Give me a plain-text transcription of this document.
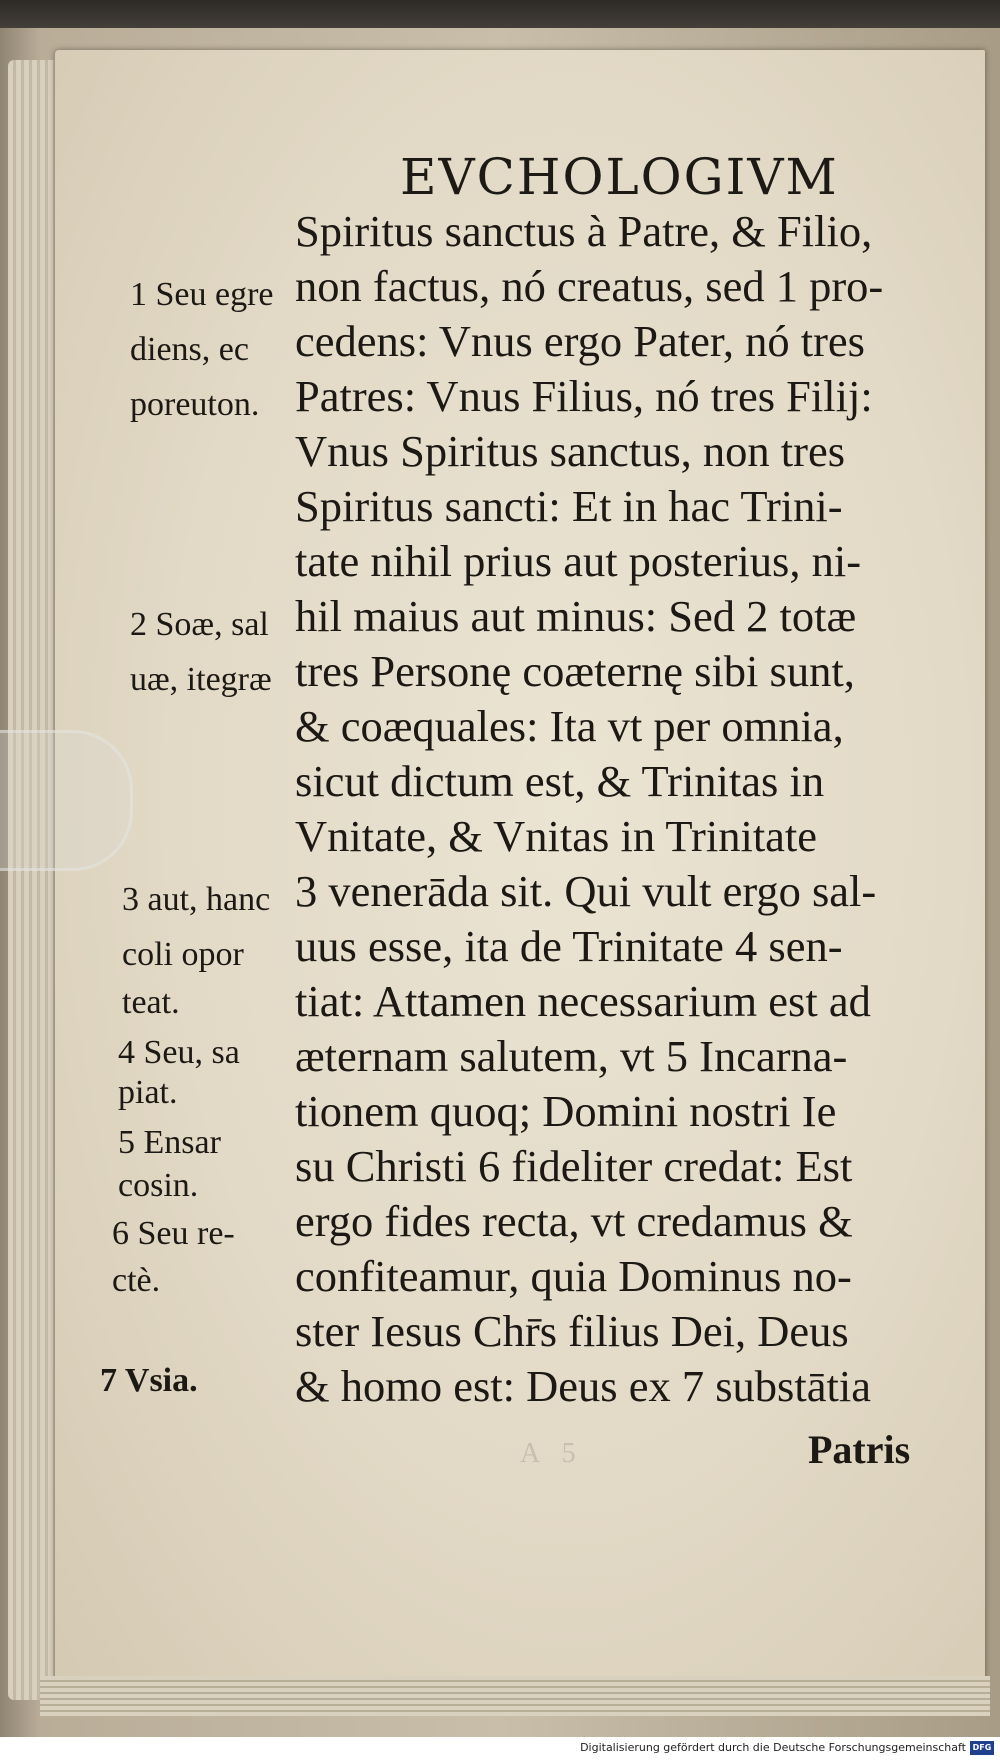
EVCHOLOGIVM
Spiritus sanctus à Patre, & Filio,
non factus, nó creatus, sed 1 pro-
cedens: Vnus ergo Pater, nó tres
Patres: Vnus Filius, nó tres Filij:
Vnus Spiritus sanctus, non tres
Spiritus sancti: Et in hac Trini-
tate nihil prius aut posterius, ni-
hil maius aut minus: Sed 2 totæ
tres Personę coæternę sibi sunt,
& coæquales: Ita vt per omnia,
sicut dictum est, & Trinitas in
Vnitate, & Vnitas in Trinitate
3 venerāda sit. Qui vult ergo sal-
uus esse, ita de Trinitate 4 sen-
tiat: Attamen necessarium est ad
æternam salutem, vt 5 Incarna-
tionem quoq; Domini nostri Ie
su Christi 6 fideliter credat: Est
ergo fides recta, vt credamus &
confiteamur, quia Dominus no-
ster Iesus Chr̄s filius Dei, Deus
& homo est: Deus ex 7 substātia
1 Seu egre
diens, ec
poreuton.
2 Soæ, sal
uæ, itegræ
3 aut, hanc
coli opor
teat.
4 Seu, sa
piat.
5 Ensar
cosin.
6 Seu re-
ctè.
7 Vsia.
A 5	Patris
Digitalisierung gefördert durch die Deutsche Forschungsgemeinschaft DFG
